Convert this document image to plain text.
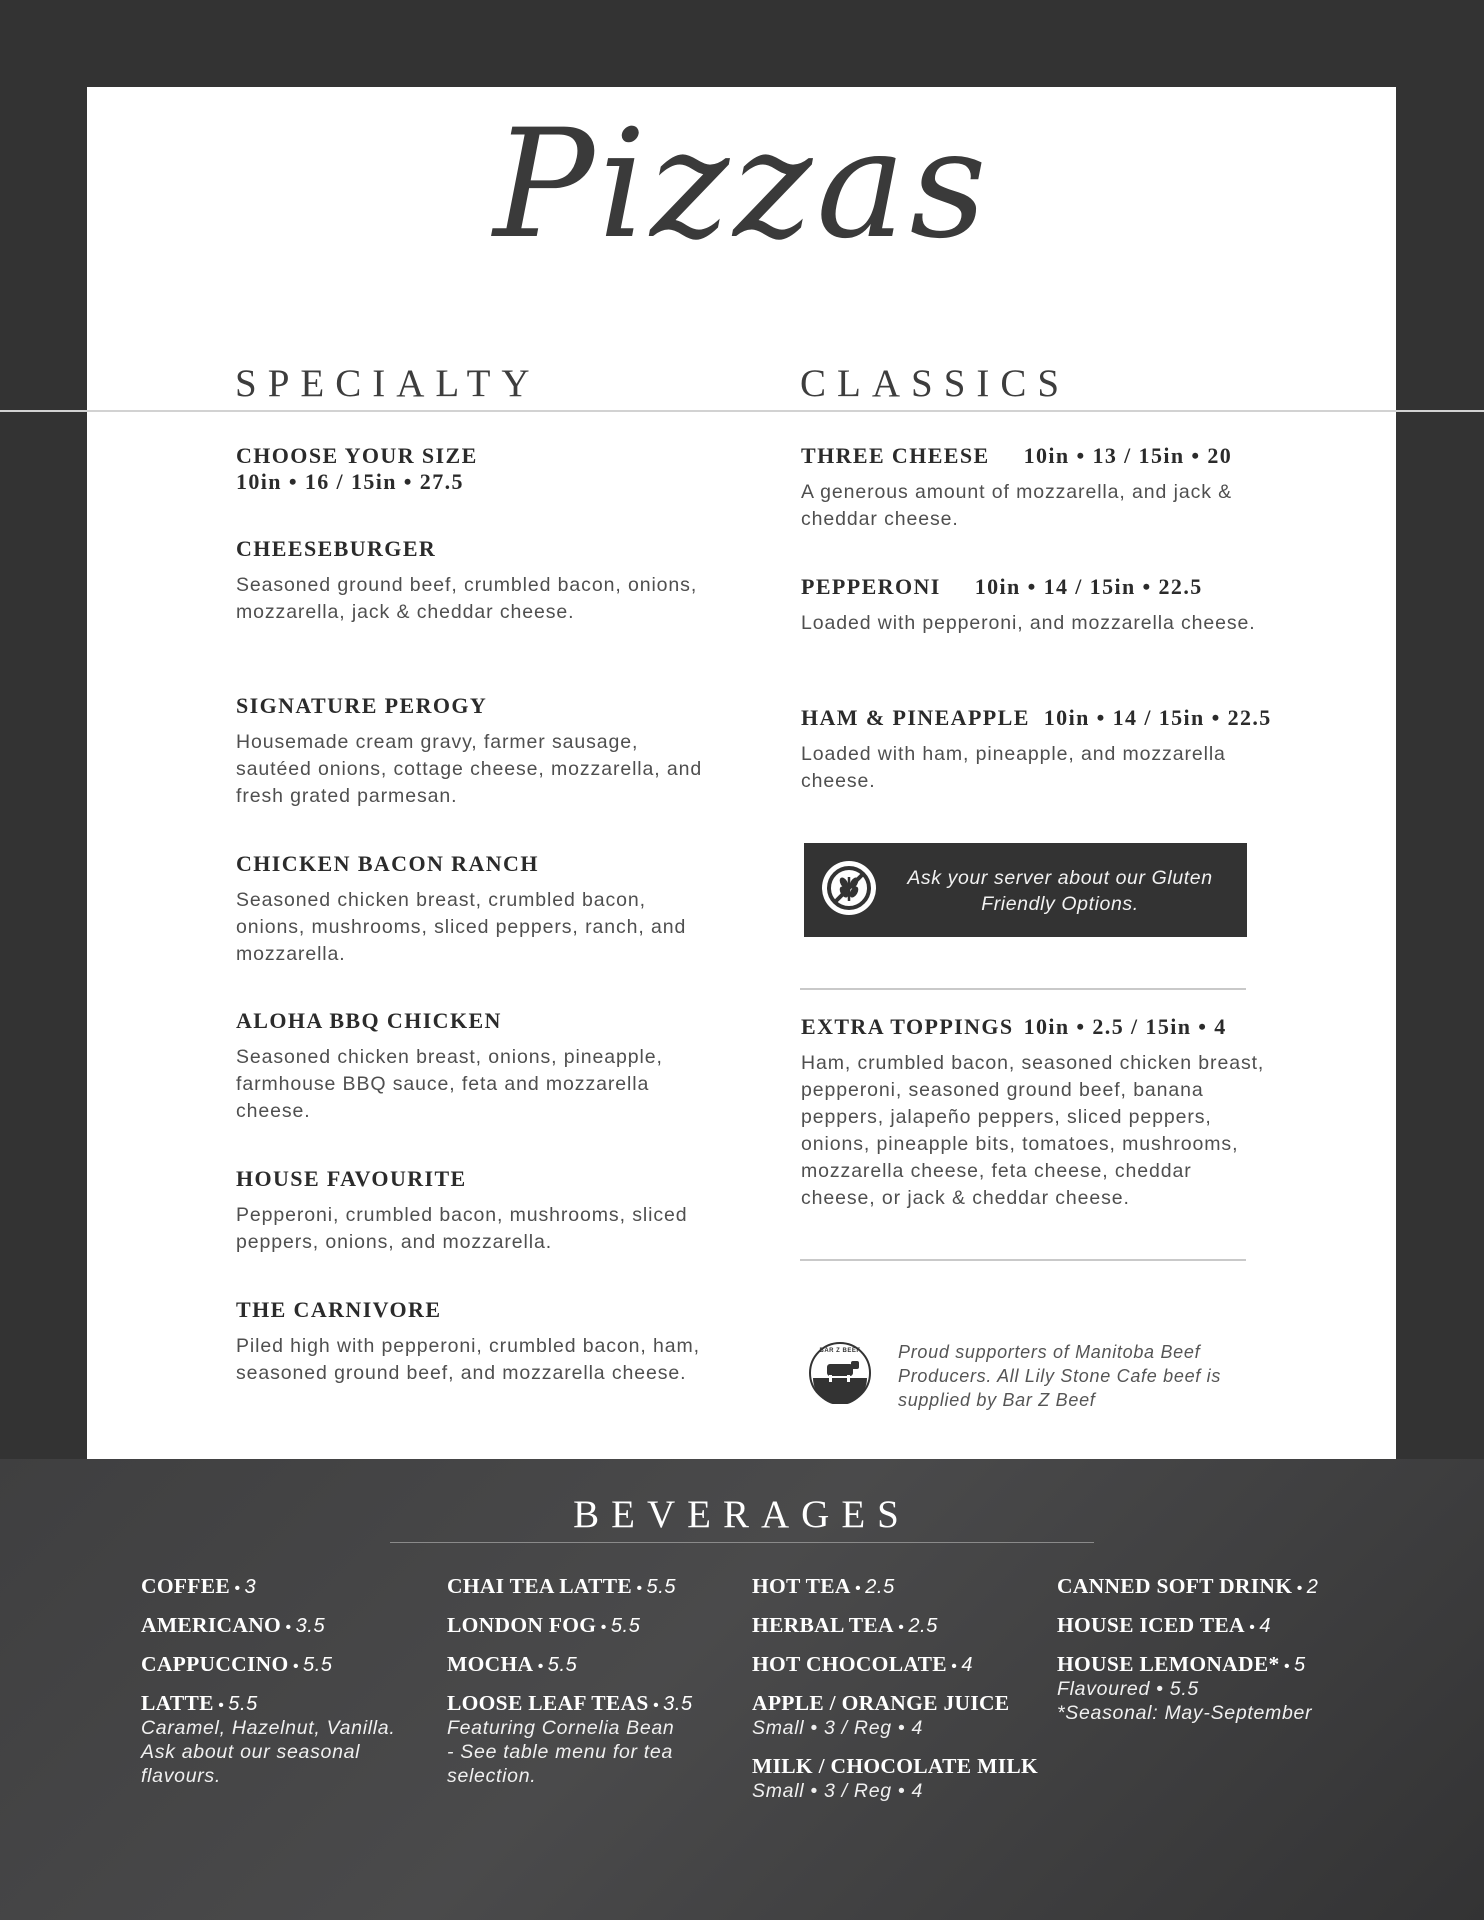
Pizzas
SPECIALTY	CLASSICS
CHOOSE YOUR SIZE
10in • 16 / 15in • 27.5
CHEESEBURGER
Seasoned ground beef, crumbled bacon, onions, mozzarella, jack & cheddar cheese.
SIGNATURE PEROGY
Housemade cream gravy, farmer sausage, sautéed onions, cottage cheese, mozzarella, and fresh grated parmesan.
CHICKEN BACON RANCH
Seasoned chicken breast, crumbled bacon, onions, mushrooms, sliced peppers, ranch, and mozzarella.
ALOHA BBQ CHICKEN
Seasoned chicken breast, onions, pineapple, farmhouse BBQ sauce, feta and mozzarella cheese.
HOUSE FAVOURITE
Pepperoni, crumbled bacon, mushrooms, sliced peppers, onions, and mozzarella.
THE CARNIVORE
Piled high with pepperoni, crumbled bacon, ham, seasoned ground beef, and mozzarella cheese.
THREE CHEESE 10in • 13 / 15in • 20
A generous amount of mozzarella, and jack & cheddar cheese.
PEPPERONI 10in • 14 / 15in • 22.5
Loaded with pepperoni, and mozzarella cheese.
HAM & PINEAPPLE 10in • 14 / 15in • 22.5
Loaded with ham, pineapple, and mozzarella cheese.
Ask your server about our Gluten Friendly Options.
EXTRA TOPPINGS 10in • 2.5 / 15in • 4
Ham, crumbled bacon, seasoned chicken breast, pepperoni, seasoned ground beef, banana peppers, jalapeño peppers, sliced peppers, onions, pineapple bits, tomatoes, mushrooms, mozzarella cheese, feta cheese, cheddar cheese, or jack & cheddar cheese.
BAR Z BEEF Proud supporters of Manitoba Beef Producers. All Lily Stone Cafe beef is supplied by Bar Z Beef
BEVERAGES
COFFEE • 3
AMERICANO • 3.5
CAPPUCCINO • 5.5
LATTE • 5.5
Caramel, Hazelnut, Vanilla.
Ask about our seasonal
flavours.
CHAI TEA LATTE • 5.5
LONDON FOG • 5.5
MOCHA • 5.5
LOOSE LEAF TEAS • 3.5
Featuring Cornelia Bean
- See table menu for tea
selection.
HOT TEA • 2.5
HERBAL TEA • 2.5
HOT CHOCOLATE • 4
APPLE / ORANGE JUICE
Small • 3 / Reg • 4
MILK / CHOCOLATE MILK
Small • 3 / Reg • 4
CANNED SOFT DRINK • 2
HOUSE ICED TEA • 4
HOUSE LEMONADE* • 5
Flavoured • 5.5
*Seasonal: May-September
